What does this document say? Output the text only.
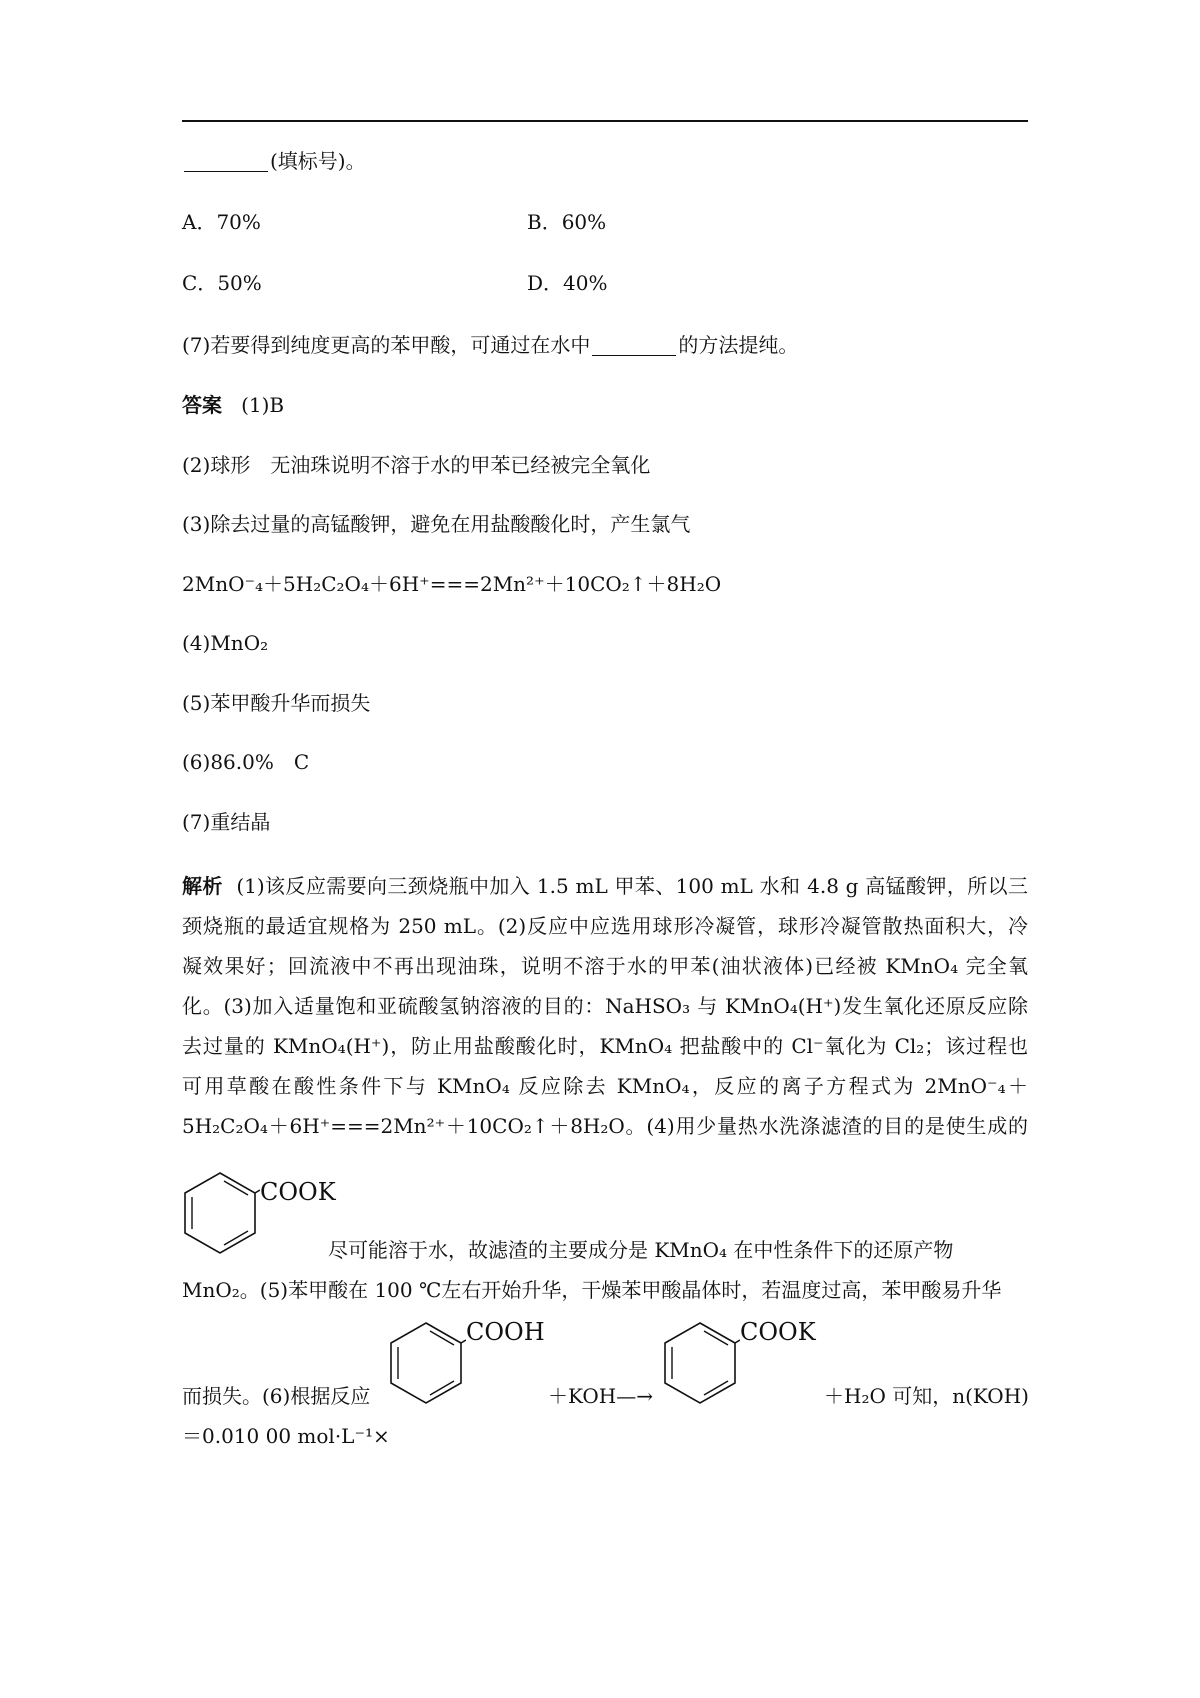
(填标号)。
A．70%	B．60%
C．50%	D．40%
(7)若要得到纯度更高的苯甲酸，可通过在水中	的方法提纯。
答案 (1)B
(2)球形　无油珠说明不溶于水的甲苯已经被完全氧化
(3)除去过量的高锰酸钾，避免在用盐酸酸化时，产生氯气
2MnO⁻₄＋5H₂C₂O₄＋6H⁺===2Mn²⁺＋10CO₂↑＋8H₂O
(4)MnO₂
(5)苯甲酸升华而损失
(6)86.0%　C
(7)重结晶
解析 (1)该反应需要向三颈烧瓶中加入 1.5 mL 甲苯、100 mL 水和 4.8 g 高锰酸钾，所以三
颈烧瓶的最适宜规格为 250 mL。(2)反应中应选用球形冷凝管，球形冷凝管散热面积大，冷
凝效果好；回流液中不再出现油珠，说明不溶于水的甲苯(油状液体)已经被 KMnO₄ 完全氧
化。(3)加入适量饱和亚硫酸氢钠溶液的目的：NaHSO₃ 与 KMnO₄(H⁺)发生氧化还原反应除
去过量的 KMnO₄(H⁺)，防止用盐酸酸化时，KMnO₄ 把盐酸中的 Cl⁻氧化为 Cl₂；该过程也
可用草酸在酸性条件下与 KMnO₄ 反应除去 KMnO₄，反应的离子方程式为 2MnO⁻₄＋
5H₂C₂O₄＋6H⁺===2Mn²⁺＋10CO₂↑＋8H₂O。(4)用少量热水洗涤滤渣的目的是使生成的
COOK
尽可能溶于水，故滤渣的主要成分是 KMnO₄ 在中性条件下的还原产物
MnO₂。(5)苯甲酸在 100 ℃左右开始升华，干燥苯甲酸晶体时，若温度过高，苯甲酸易升华
COOH	COOK
而损失。(6)根据反应	＋KOH—→	＋H₂O 可知，n(KOH)
＝0.010 00 mol·L⁻¹×
